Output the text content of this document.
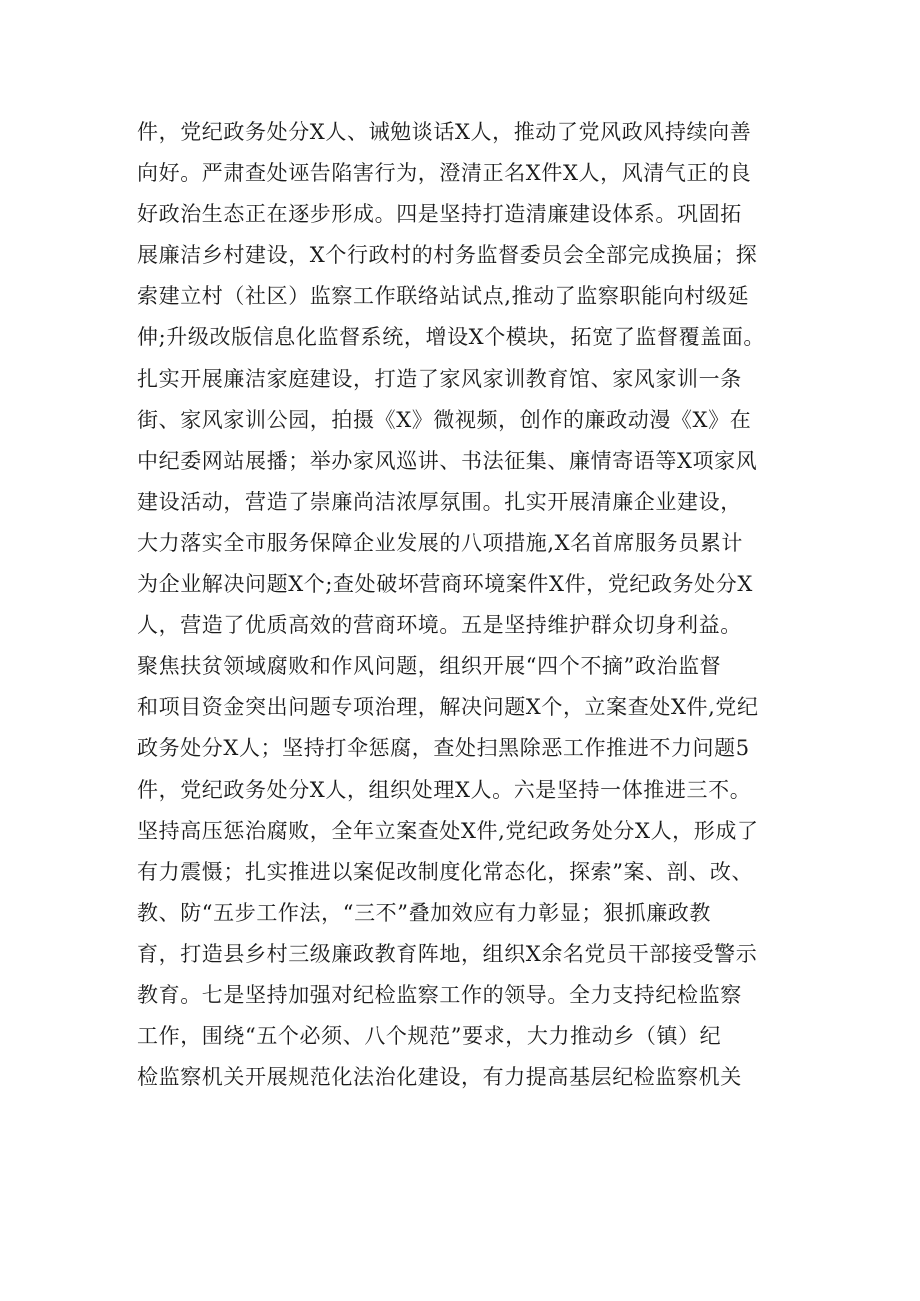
件，党纪政务处分X人、诫勉谈话X人，推动了党风政风持续向善
向好。严肃查处诬告陷害行为，澄清正名X件X人，风清气正的良
好政治生态正在逐步形成。四是坚持打造清廉建设体系。巩固拓
展廉洁乡村建设，X个行政村的村务监督委员会全部完成换届；探
索建立村（社区）监察工作联络站试点,推动了监察职能向村级延
伸;升级改版信息化监督系统，增设X个模块，拓宽了监督覆盖面。
扎实开展廉洁家庭建设，打造了家风家训教育馆、家风家训一条
街、家风家训公园，拍摄《X》微视频，创作的廉政动漫《X》在
中纪委网站展播；举办家风巡讲、书法征集、廉情寄语等X项家风
建设活动，营造了崇廉尚洁浓厚氛围。扎实开展清廉企业建设，
大力落实全市服务保障企业发展的八项措施,X名首席服务员累计
为企业解决问题X个;查处破坏营商环境案件X件，党纪政务处分X
人，营造了优质高效的营商环境。五是坚持维护群众切身利益。
聚焦扶贫领域腐败和作风问题，组织开展“四个不摘”政治监督
和项目资金突出问题专项治理，解决问题X个，立案查处X件,党纪
政务处分X人；坚持打伞惩腐，查处扫黑除恶工作推进不力问题5
件，党纪政务处分X人，组织处理X人。六是坚持一体推进三不。
坚持高压惩治腐败，全年立案查处X件,党纪政务处分X人，形成了
有力震慑；扎实推进以案促改制度化常态化，探索”案、剖、改、
教、防“五步工作法，“三不”叠加效应有力彰显；狠抓廉政教
育，打造县乡村三级廉政教育阵地，组织X余名党员干部接受警示
教育。七是坚持加强对纪检监察工作的领导。全力支持纪检监察
工作，围绕“五个必须、八个规范”要求，大力推动乡（镇）纪
检监察机关开展规范化法治化建设，有力提高基层纪检监察机关
